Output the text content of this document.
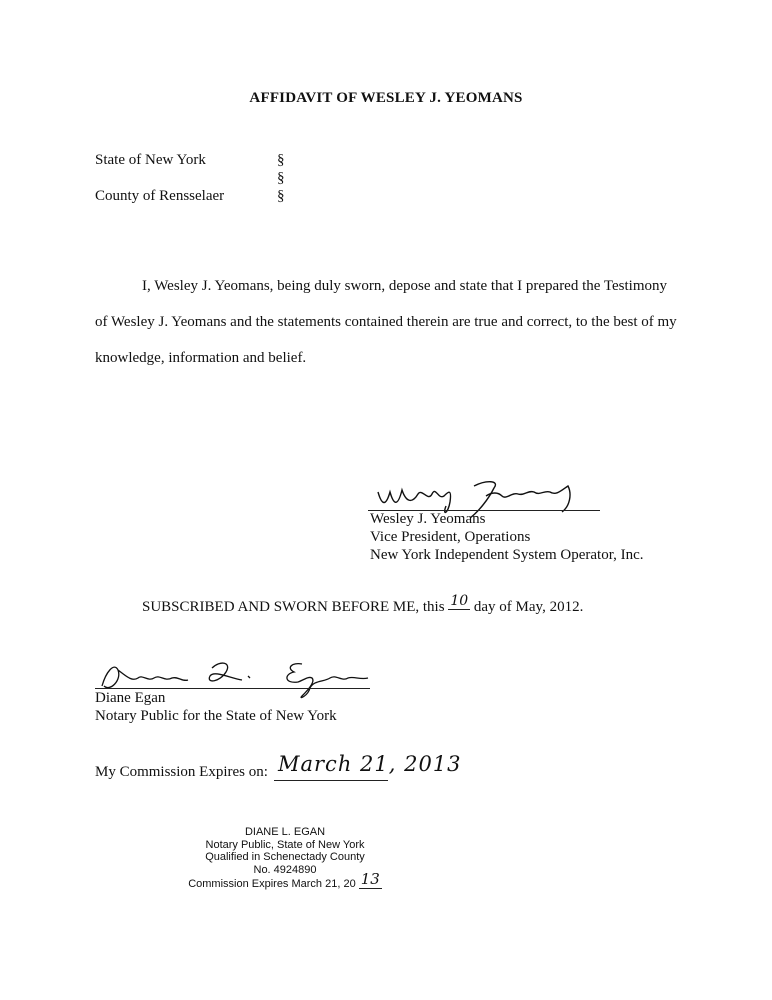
AFFIDAVIT OF WESLEY J. YEOMANS
State of New York
County of Rensselaer
§
§
§
I, Wesley J. Yeomans, being duly sworn, depose and state that I prepared the Testimony
of Wesley J. Yeomans and the statements contained therein are true and correct, to the best of my
knowledge, information and belief.
Wesley J. Yeomans
Vice President, Operations
New York Independent System Operator, Inc.
SUBSCRIBED AND SWORN BEFORE ME, this 10 day of May, 2012.
Diane Egan
Notary Public for the State of New York
My Commission Expires on: March 21, 2013
DIANE L. EGAN
Notary Public, State of New York
Qualified in Schenectady County
No. 4924890
Commission Expires March 21, 20 13
